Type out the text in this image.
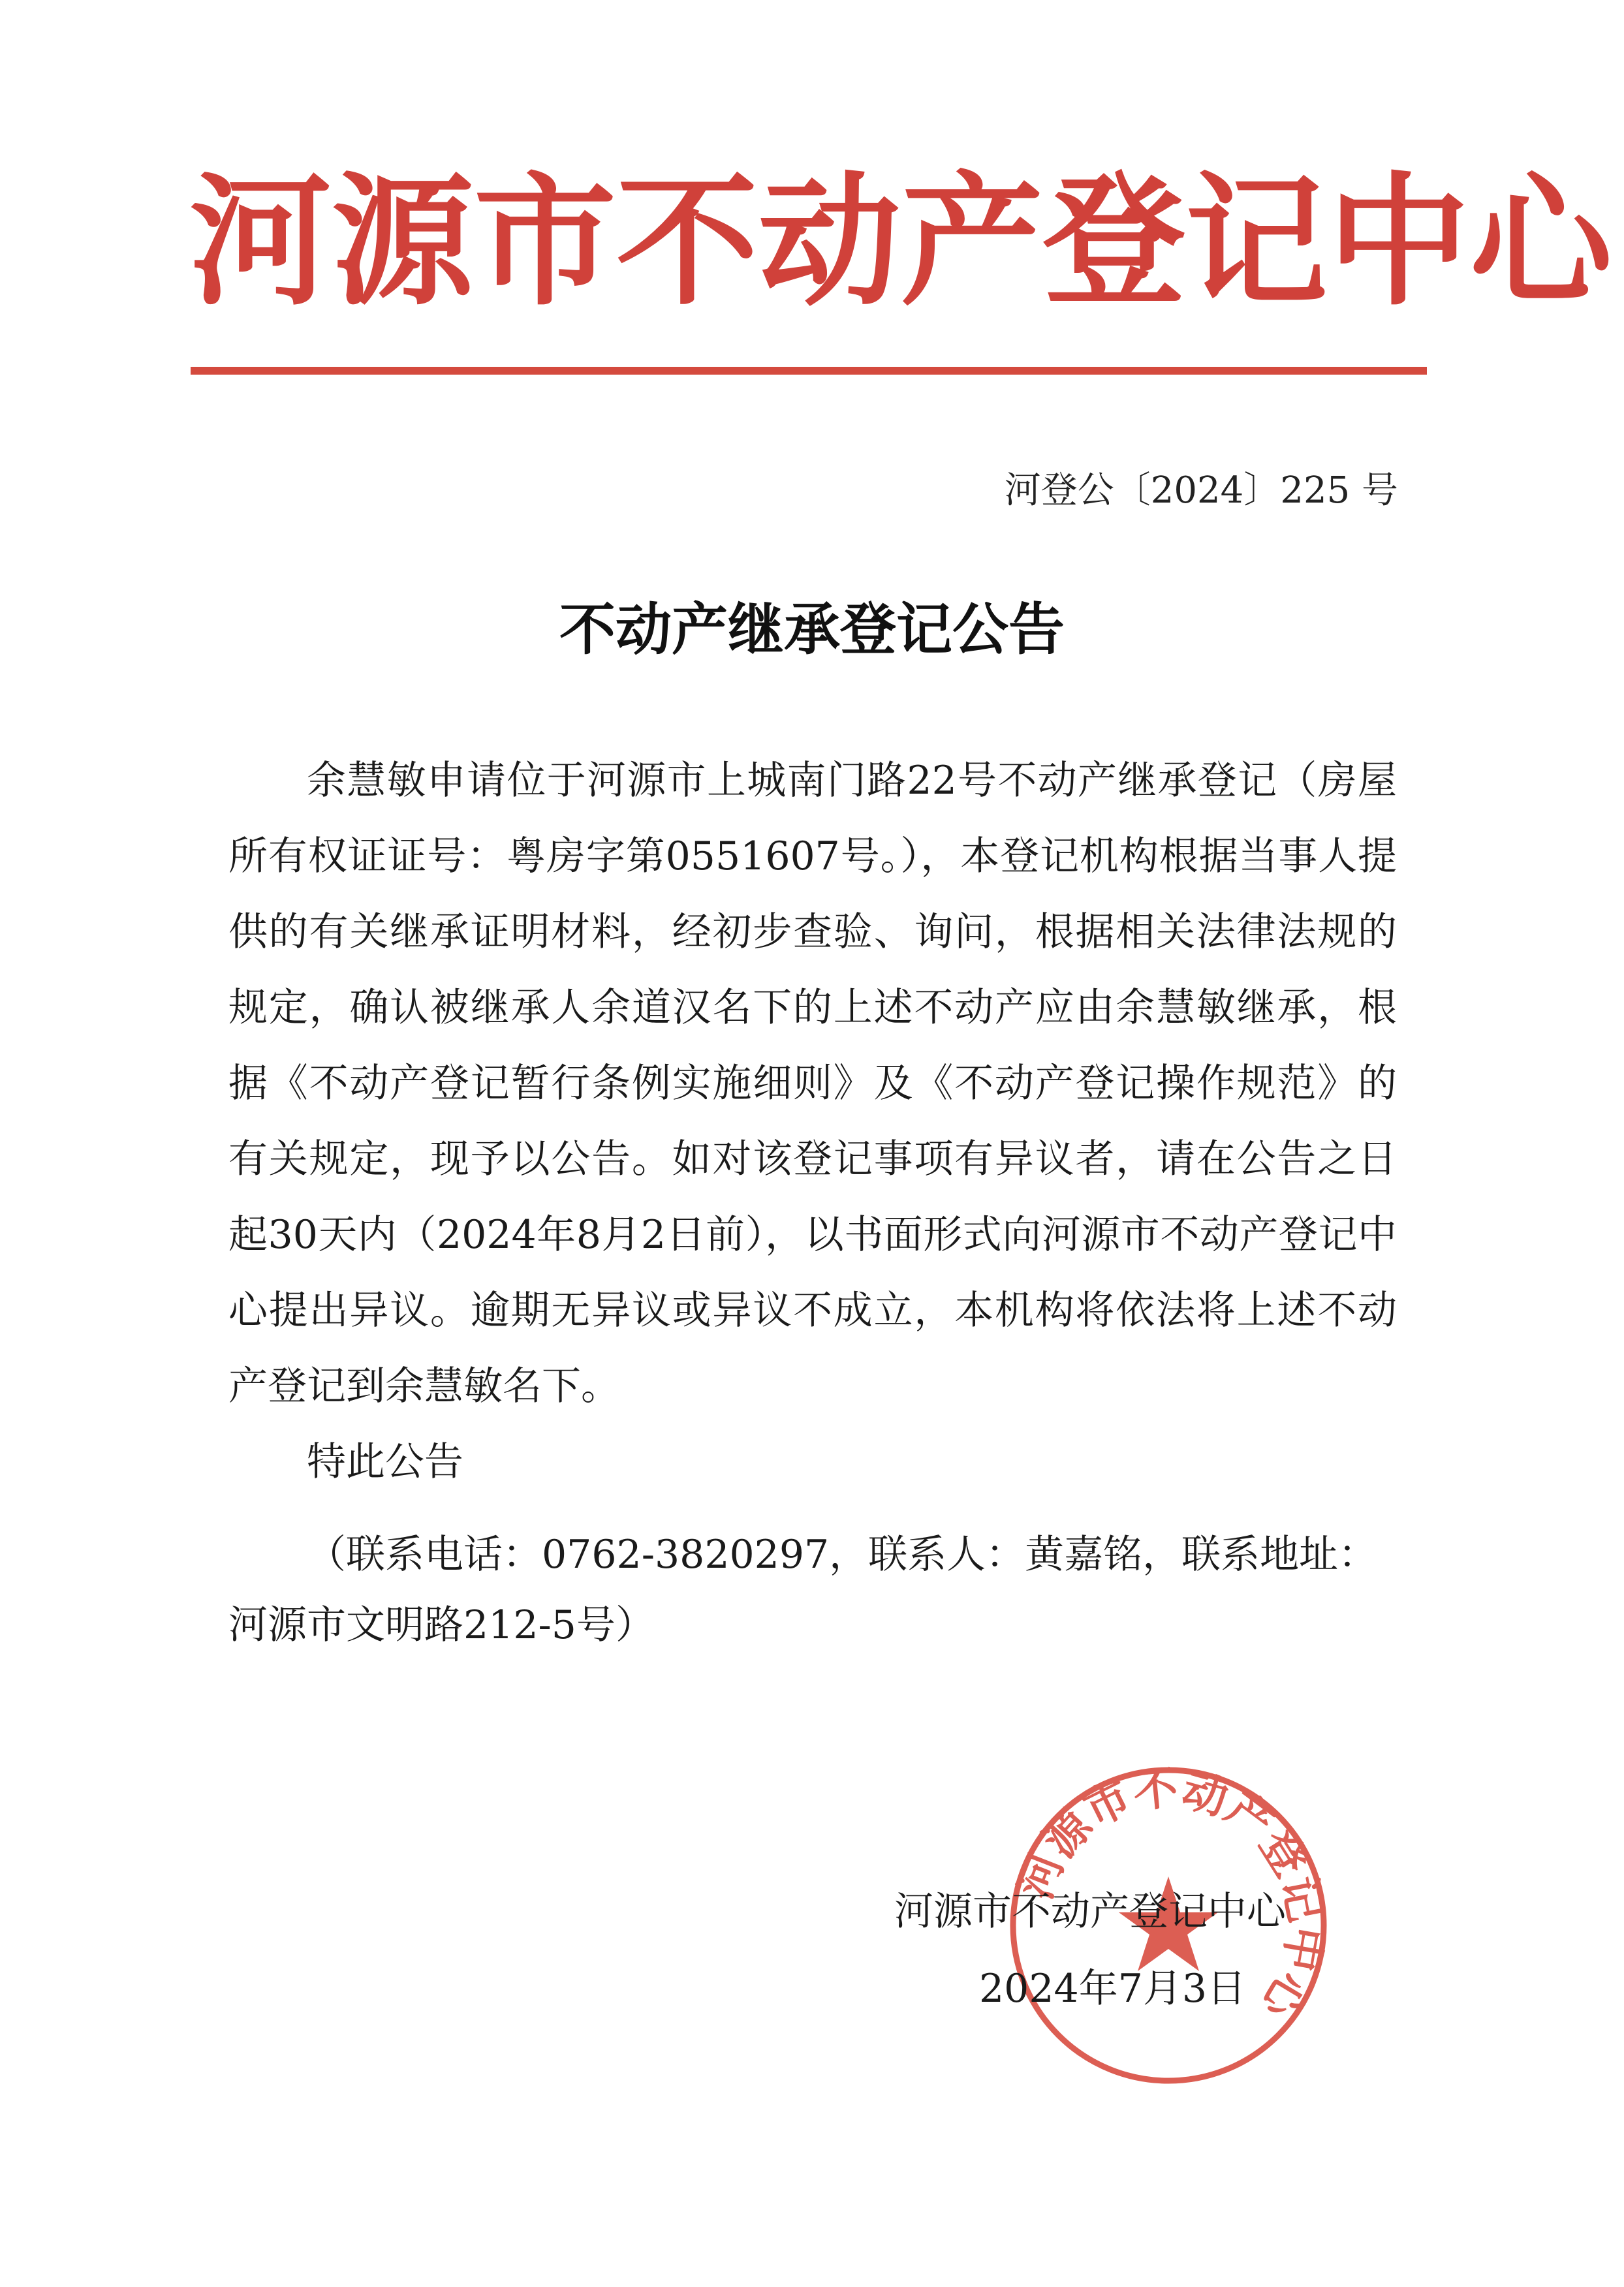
河 源 市 不 动 产 登 记 中 心
河登公〔2024〕225 号
不动产继承登记公告

余慧敏申请位于河源市上城南门路22号不动产继承登记（房屋所有权证证号：粤房字第0551607号。），本登记机构根据当事人提供的有关继承证明材料，经初步查验、询问，根据相关法律法规的规定，确认被继承人余道汉名下的上述不动产应由余慧敏继承，根据《不动产登记暂行条例实施细则》及《不动产登记操作规范》的有关规定，现予以公告。如对该登记事项有异议者，请在公告之日起30天内（2024年8月2日前），以书面形式向河源市不动产登记中心提出异议。逾期无异议或异议不成立，本机构将依法将上述不动产登记到余慧敏名下。

特此公告

（联系电话：0762-3820297，联系人：黄嘉铭，联系地址：河源市文明路212-5号）

河源市不动产登记中心
河源市不动产登记中心
2024年7月3日
